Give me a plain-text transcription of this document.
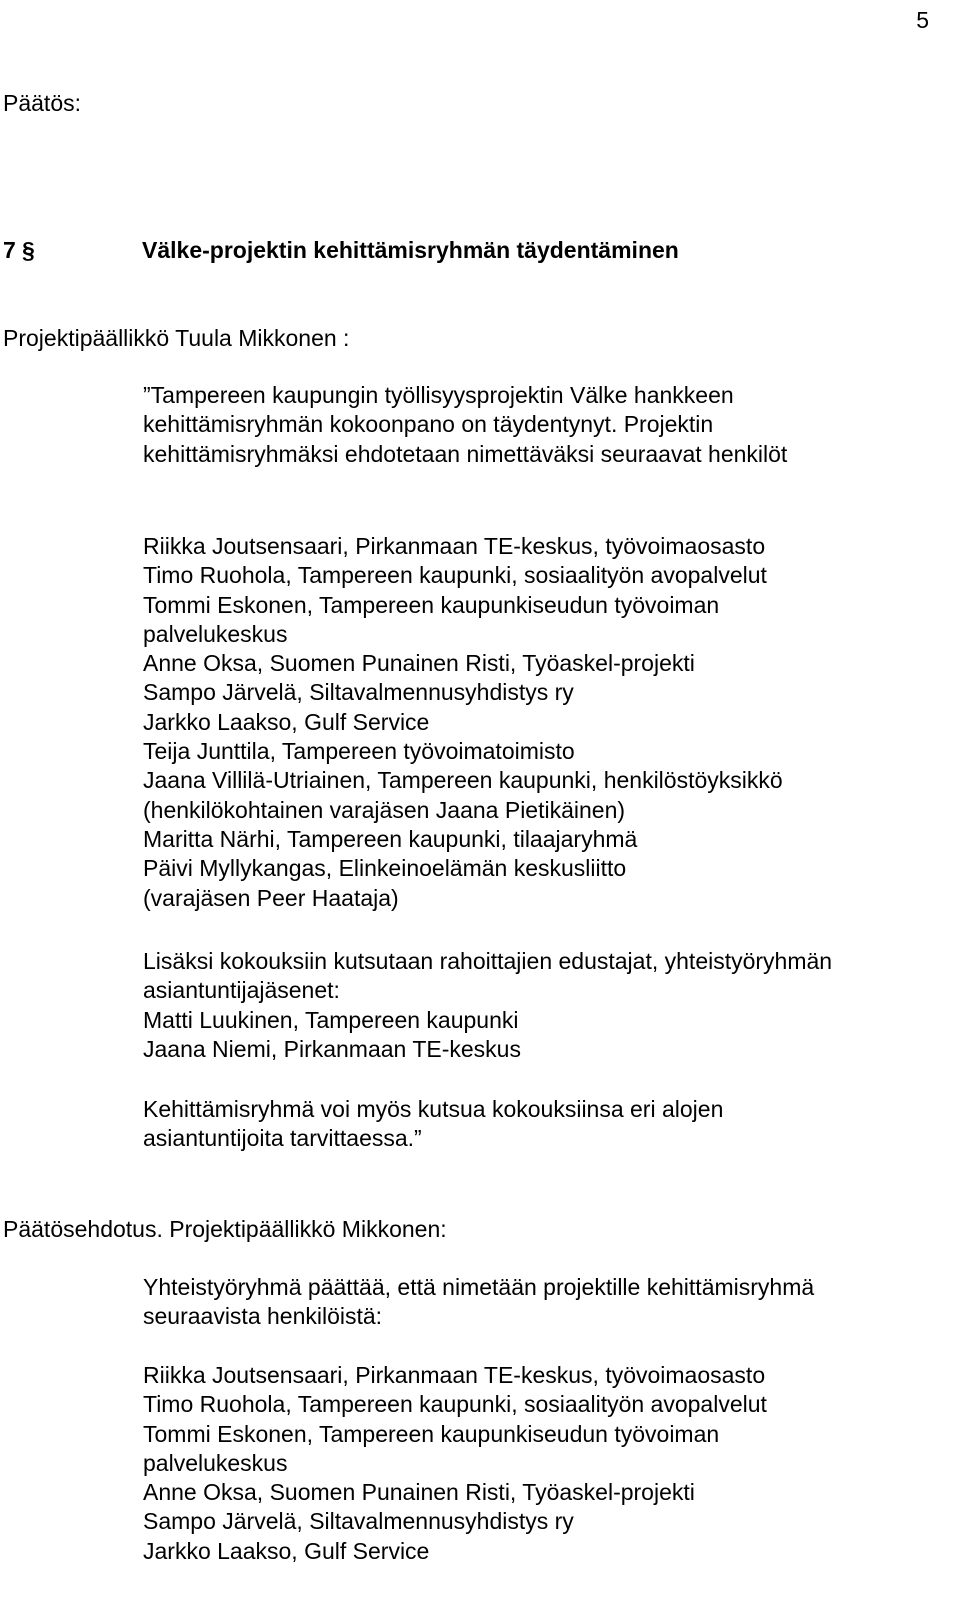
5
Päätös:
7 §	Välke-projektin kehittämisryhmän täydentäminen
Projektipäällikkö Tuula Mikkonen :
”Tampereen kaupungin työllisyysprojektin Välke hankkeen
kehittämisryhmän kokoonpano on täydentynyt. Projektin
kehittämisryhmäksi ehdotetaan nimettäväksi seuraavat henkilöt
Riikka Joutsensaari, Pirkanmaan TE-keskus, työvoimaosasto
Timo Ruohola, Tampereen kaupunki, sosiaalityön avopalvelut
Tommi Eskonen, Tampereen kaupunkiseudun työvoiman
palvelukeskus
Anne Oksa, Suomen Punainen Risti, Työaskel-projekti
Sampo Järvelä, Siltavalmennusyhdistys ry
Jarkko Laakso, Gulf Service
Teija Junttila, Tampereen työvoimatoimisto
Jaana Villilä-Utriainen, Tampereen kaupunki, henkilöstöyksikkö
(henkilökohtainen varajäsen Jaana Pietikäinen)
Maritta Närhi, Tampereen kaupunki, tilaajaryhmä
Päivi Myllykangas, Elinkeinoelämän keskusliitto
(varajäsen Peer Haataja)
Lisäksi kokouksiin kutsutaan rahoittajien edustajat, yhteistyöryhmän
asiantuntijajäsenet:
Matti Luukinen, Tampereen kaupunki
Jaana Niemi, Pirkanmaan TE-keskus
Kehittämisryhmä voi myös kutsua kokouksiinsa eri alojen
asiantuntijoita tarvittaessa.”
Päätösehdotus. Projektipäällikkö Mikkonen:
Yhteistyöryhmä päättää, että nimetään projektille kehittämisryhmä
seuraavista henkilöistä:
Riikka Joutsensaari, Pirkanmaan TE-keskus, työvoimaosasto
Timo Ruohola, Tampereen kaupunki, sosiaalityön avopalvelut
Tommi Eskonen, Tampereen kaupunkiseudun työvoiman
palvelukeskus
Anne Oksa, Suomen Punainen Risti, Työaskel-projekti
Sampo Järvelä, Siltavalmennusyhdistys ry
Jarkko Laakso, Gulf Service
